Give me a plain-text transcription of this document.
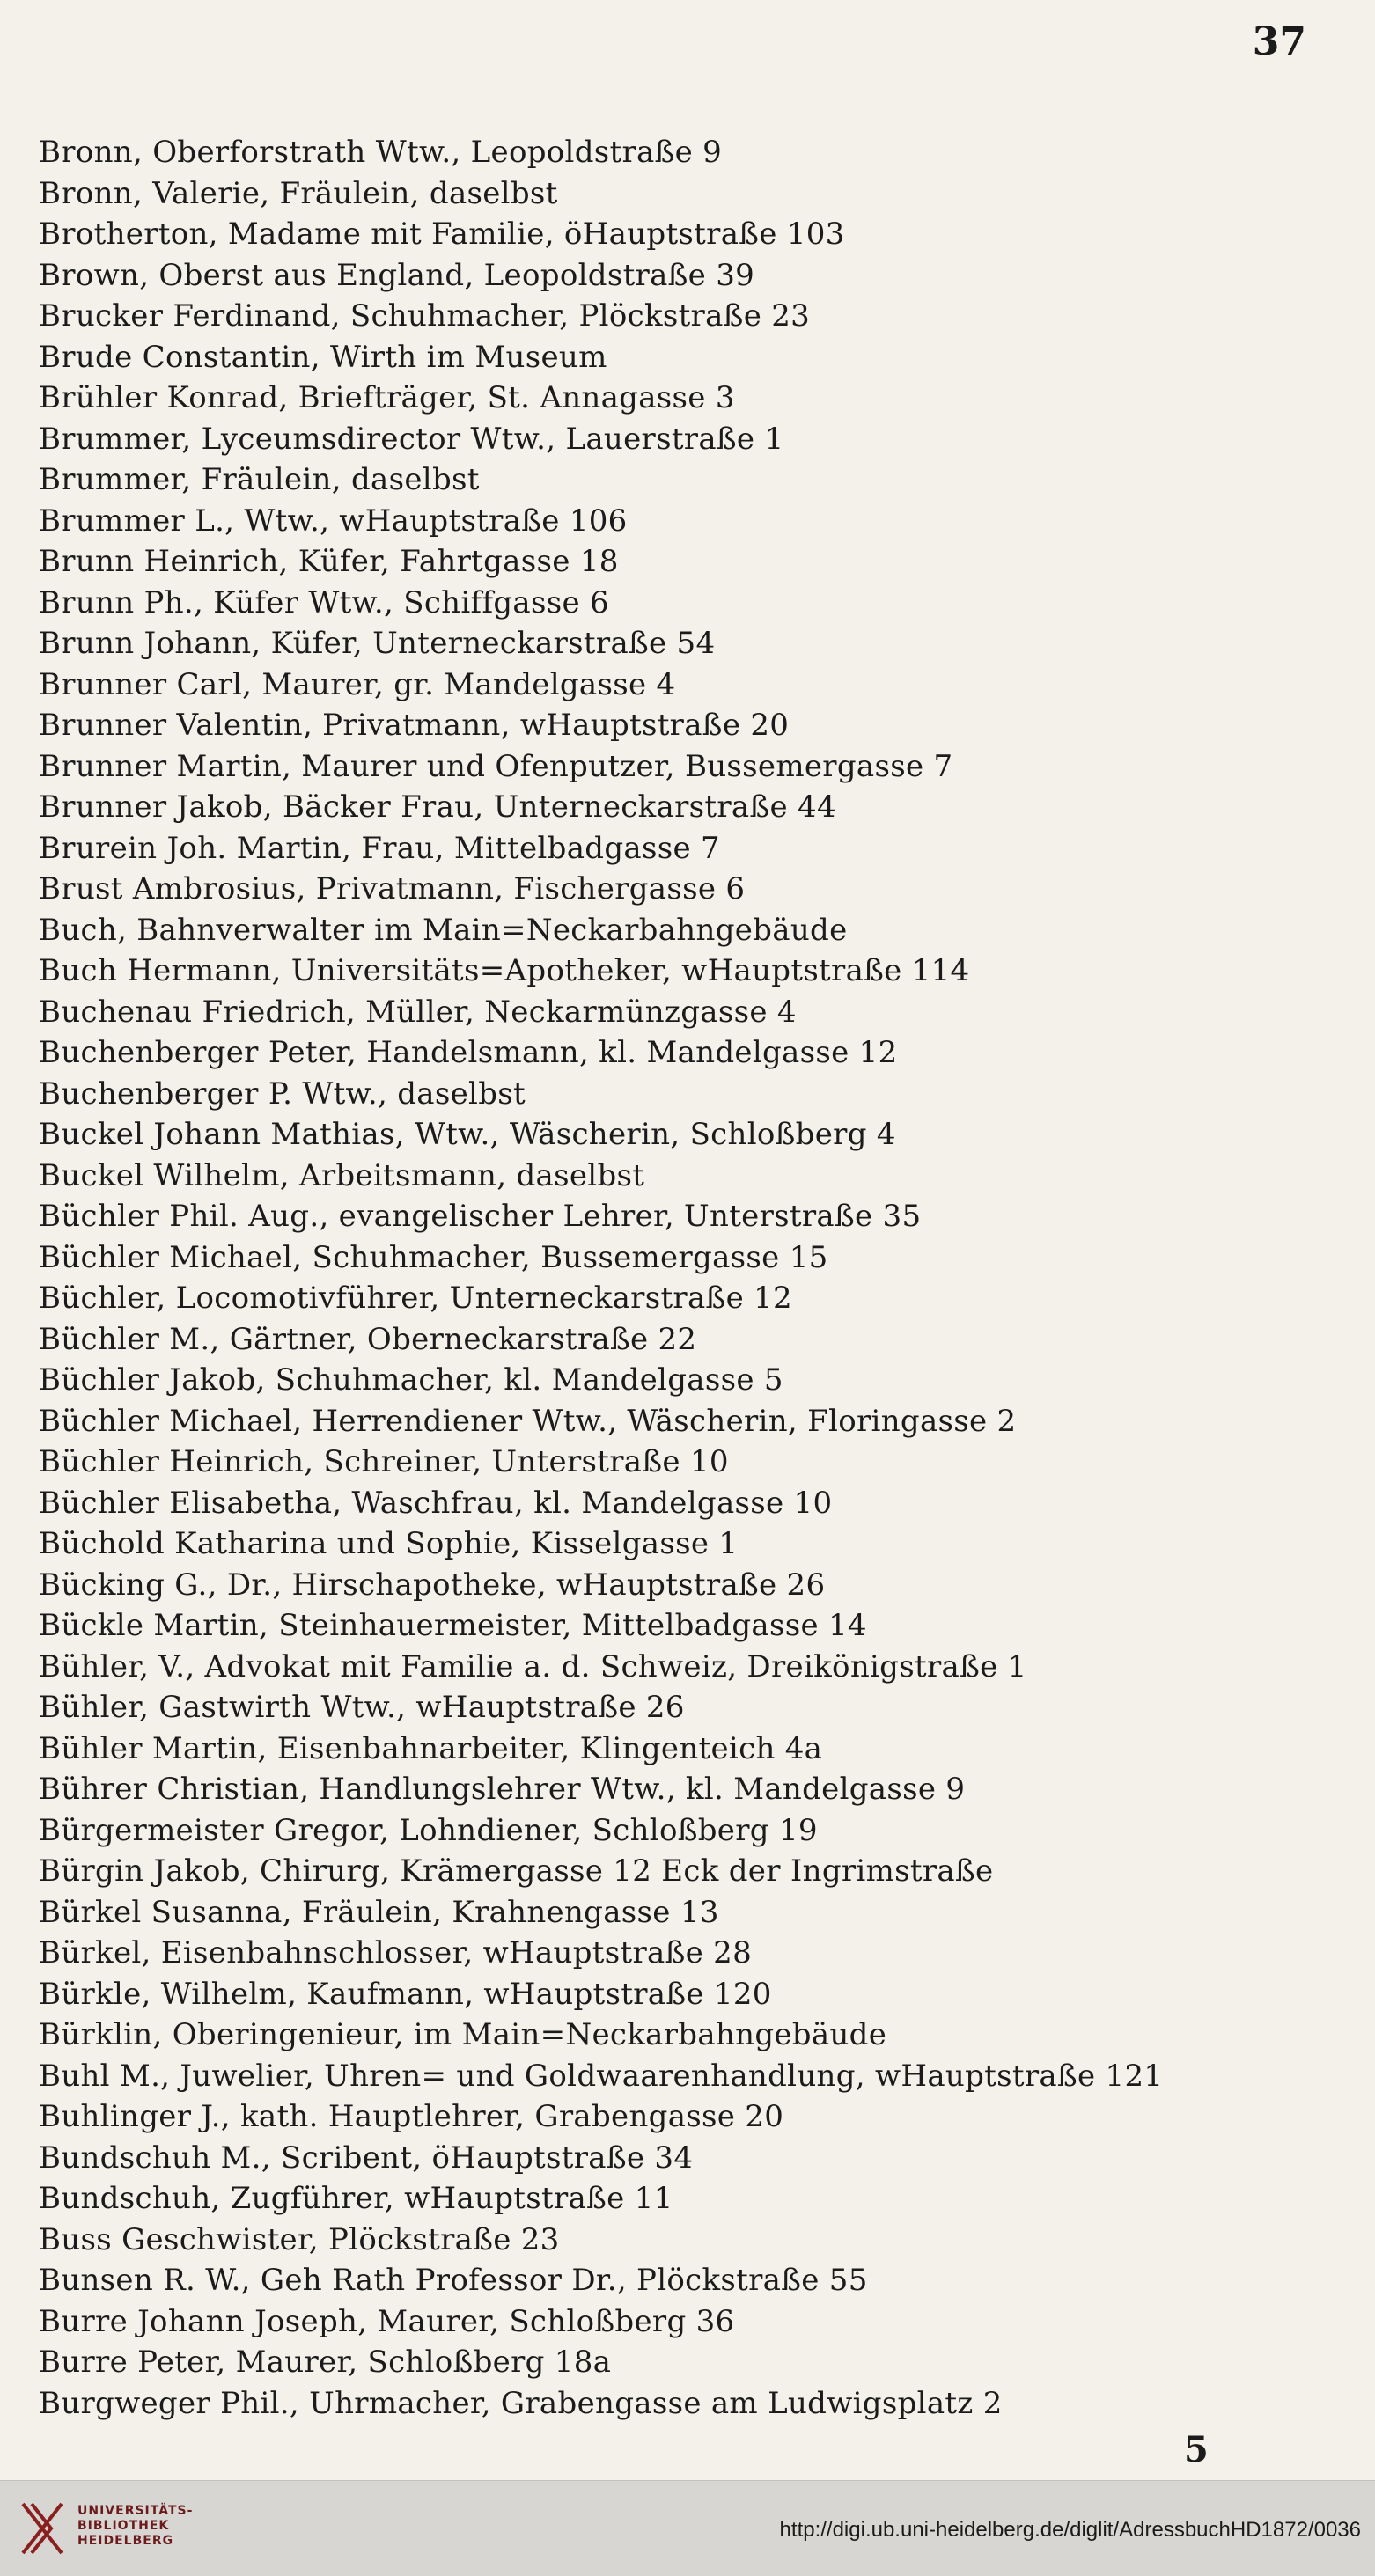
37
Bronn, Oberforstrath Wtw., Leopoldstraße 9
Bronn, Valerie, Fräulein, daselbst
Brotherton, Madame mit Familie, öHauptstraße 103
Brown, Oberst aus England, Leopoldstraße 39
Brucker Ferdinand, Schuhmacher, Plöckstraße 23
Brude Constantin, Wirth im Museum
Brühler Konrad, Briefträger, St. Annagasse 3
Brummer, Lyceumsdirector Wtw., Lauerstraße 1
Brummer, Fräulein, daselbst
Brummer L., Wtw., wHauptstraße 106
Brunn Heinrich, Küfer, Fahrtgasse 18
Brunn Ph., Küfer Wtw., Schiffgasse 6
Brunn Johann, Küfer, Unterneckarstraße 54
Brunner Carl, Maurer, gr. Mandelgasse 4
Brunner Valentin, Privatmann, wHauptstraße 20
Brunner Martin, Maurer und Ofenputzer, Bussemergasse 7
Brunner Jakob, Bäcker Frau, Unterneckarstraße 44
Brurein Joh. Martin, Frau, Mittelbadgasse 7
Brust Ambrosius, Privatmann, Fischergasse 6
Buch, Bahnverwalter im Main=Neckarbahngebäude
Buch Hermann, Universitäts=Apotheker, wHauptstraße 114
Buchenau Friedrich, Müller, Neckarmünzgasse 4
Buchenberger Peter, Handelsmann, kl. Mandelgasse 12
Buchenberger P. Wtw., daselbst
Buckel Johann Mathias, Wtw., Wäscherin, Schloßberg 4
Buckel Wilhelm, Arbeitsmann, daselbst
Büchler Phil. Aug., evangelischer Lehrer, Unterstraße 35
Büchler Michael, Schuhmacher, Bussemergasse 15
Büchler, Locomotivführer, Unterneckarstraße 12
Büchler M., Gärtner, Oberneckarstraße 22
Büchler Jakob, Schuhmacher, kl. Mandelgasse 5
Büchler Michael, Herrendiener Wtw., Wäscherin, Floringasse 2
Büchler Heinrich, Schreiner, Unterstraße 10
Büchler Elisabetha, Waschfrau, kl. Mandelgasse 10
Büchold Katharina und Sophie, Kisselgasse 1
Bücking G., Dr., Hirschapotheke, wHauptstraße 26
Bückle Martin, Steinhauermeister, Mittelbadgasse 14
Bühler, V., Advokat mit Familie a. d. Schweiz, Dreikönigstraße 1
Bühler, Gastwirth Wtw., wHauptstraße 26
Bühler Martin, Eisenbahnarbeiter, Klingenteich 4a
Bührer Christian, Handlungslehrer Wtw., kl. Mandelgasse 9
Bürgermeister Gregor, Lohndiener, Schloßberg 19
Bürgin Jakob, Chirurg, Krämergasse 12 Eck der Ingrimstraße
Bürkel Susanna, Fräulein, Krahnengasse 13
Bürkel, Eisenbahnschlosser, wHauptstraße 28
Bürkle, Wilhelm, Kaufmann, wHauptstraße 120
Bürklin, Oberingenieur, im Main=Neckarbahngebäude
Buhl M., Juwelier, Uhren= und Goldwaarenhandlung, wHauptstraße 121
Buhlinger J., kath. Hauptlehrer, Grabengasse 20
Bundschuh M., Scribent, öHauptstraße 34
Bundschuh, Zugführer, wHauptstraße 11
Buss Geschwister, Plöckstraße 23
Bunsen R. W., Geh Rath Professor Dr., Plöckstraße 55
Burre Johann Joseph, Maurer, Schloßberg 36
Burre Peter, Maurer, Schloßberg 18a
Burgweger Phil., Uhrmacher, Grabengasse am Ludwigsplatz 2
5
UNIVERSITÄTS-
BIBLIOTHEK
HEIDELBERG	http://digi.ub.uni-heidelberg.de/diglit/AdressbuchHD1872/0036
